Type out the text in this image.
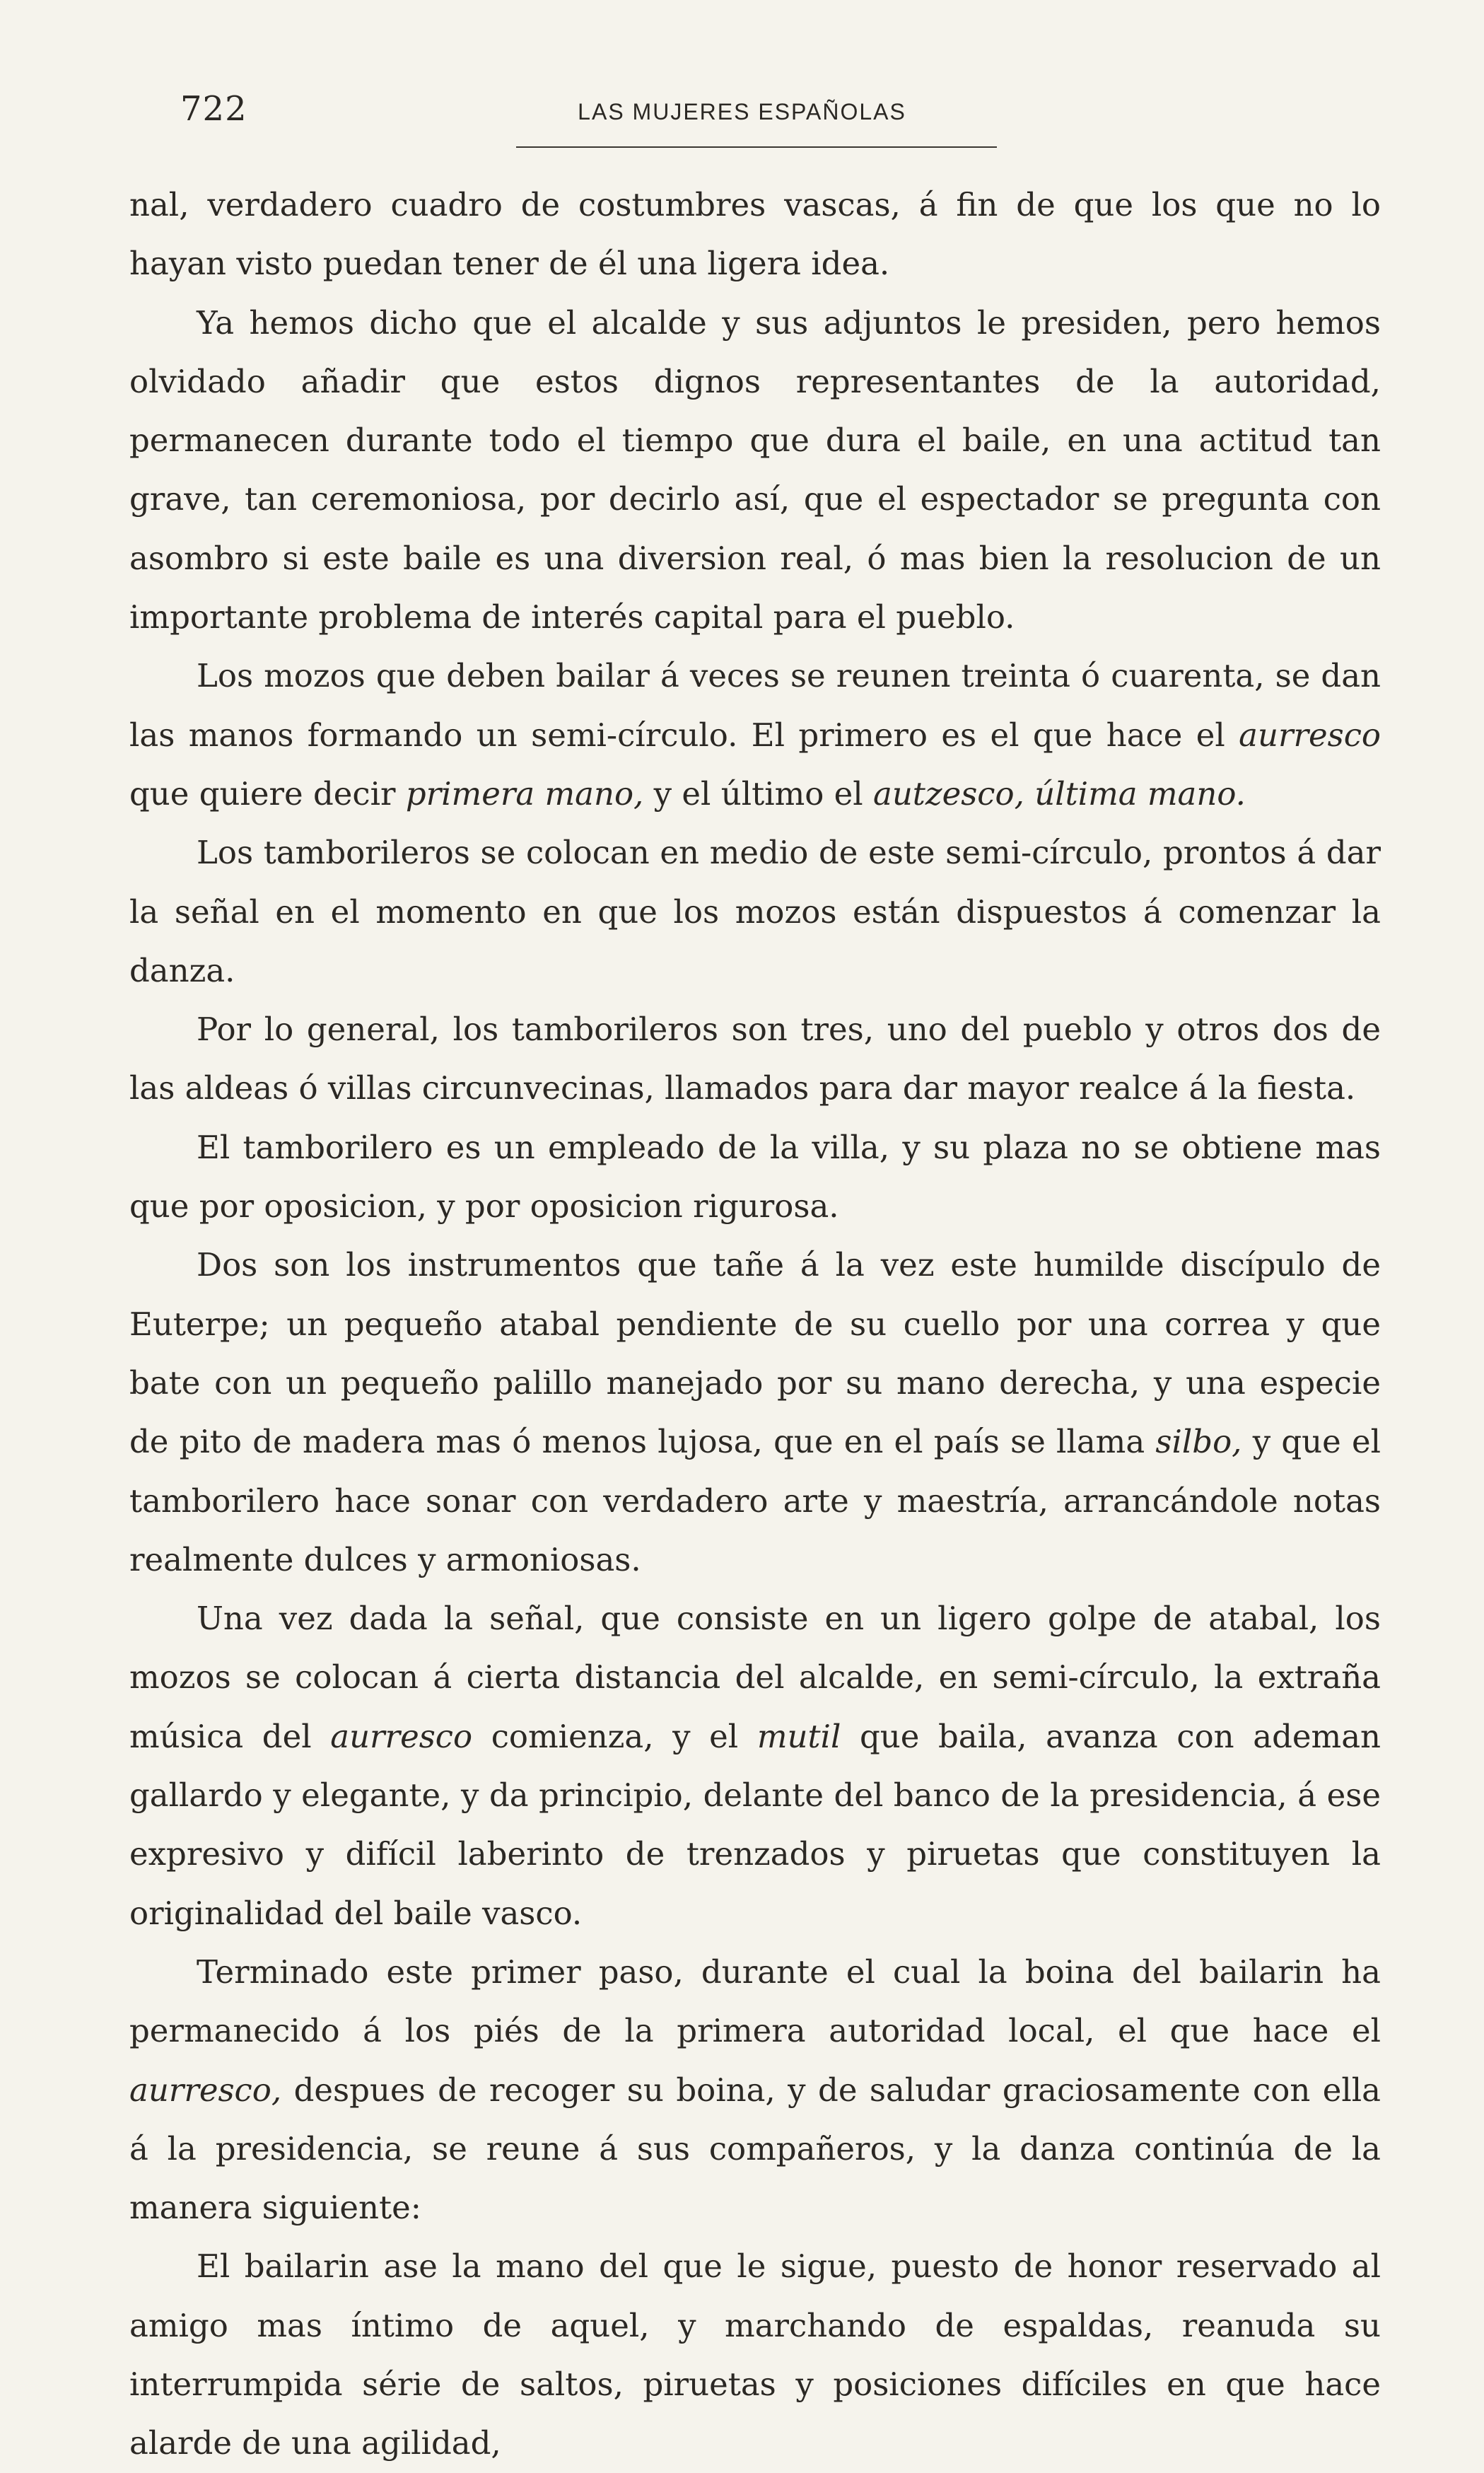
722	LAS MUJERES ESPAÑOLAS

nal, verdadero cuadro de costumbres vascas, á fin de que los que no lo hayan visto puedan tener de él una ligera idea.

Ya hemos dicho que el alcalde y sus adjuntos le presiden, pero hemos olvidado añadir que estos dignos representantes de la autoridad, permanecen durante todo el tiempo que dura el baile, en una actitud tan grave, tan ceremoniosa, por decirlo así, que el espectador se pregunta con asombro si este baile es una diversion real, ó mas bien la resolucion de un importante problema de interés capital para el pueblo.

Los mozos que deben bailar á veces se reunen treinta ó cuarenta, se dan las manos formando un semi-círculo. El primero es el que hace el aurresco que quiere decir primera mano, y el último el autzesco, última mano.

Los tamborileros se colocan en medio de este semi-círculo, prontos á dar la señal en el momento en que los mozos están dispuestos á comenzar la danza.

Por lo general, los tamborileros son tres, uno del pueblo y otros dos de las aldeas ó villas circunvecinas, llamados para dar mayor realce á la fiesta.

El tamborilero es un empleado de la villa, y su plaza no se obtiene mas que por oposicion, y por oposicion rigurosa.

Dos son los instrumentos que tañe á la vez este humilde discípulo de Euterpe; un pequeño atabal pendiente de su cuello por una correa y que bate con un pequeño palillo manejado por su mano derecha, y una especie de pito de madera mas ó menos lujosa, que en el país se llama silbo, y que el tamborilero hace sonar con verdadero arte y maestría, arrancándole notas realmente dulces y armoniosas.

Una vez dada la señal, que consiste en un ligero golpe de atabal, los mozos se colocan á cierta distancia del alcalde, en semi-círculo, la extraña música del aurresco comienza, y el mutil que baila, avanza con ademan gallardo y elegante, y da principio, delante del banco de la presidencia, á ese expresivo y difícil laberinto de trenzados y piruetas que constituyen la originalidad del baile vasco.

Terminado este primer paso, durante el cual la boina del bailarin ha permanecido á los piés de la primera autoridad local, el que hace el aurresco, despues de recoger su boina, y de saludar graciosamente con ella á la presidencia, se reune á sus compañeros, y la danza continúa de la manera siguiente:

El bailarin ase la mano del que le sigue, puesto de honor reservado al amigo mas íntimo de aquel, y marchando de espaldas, reanuda su interrumpida série de saltos, piruetas y posiciones difíciles en que hace alarde de una agilidad,
